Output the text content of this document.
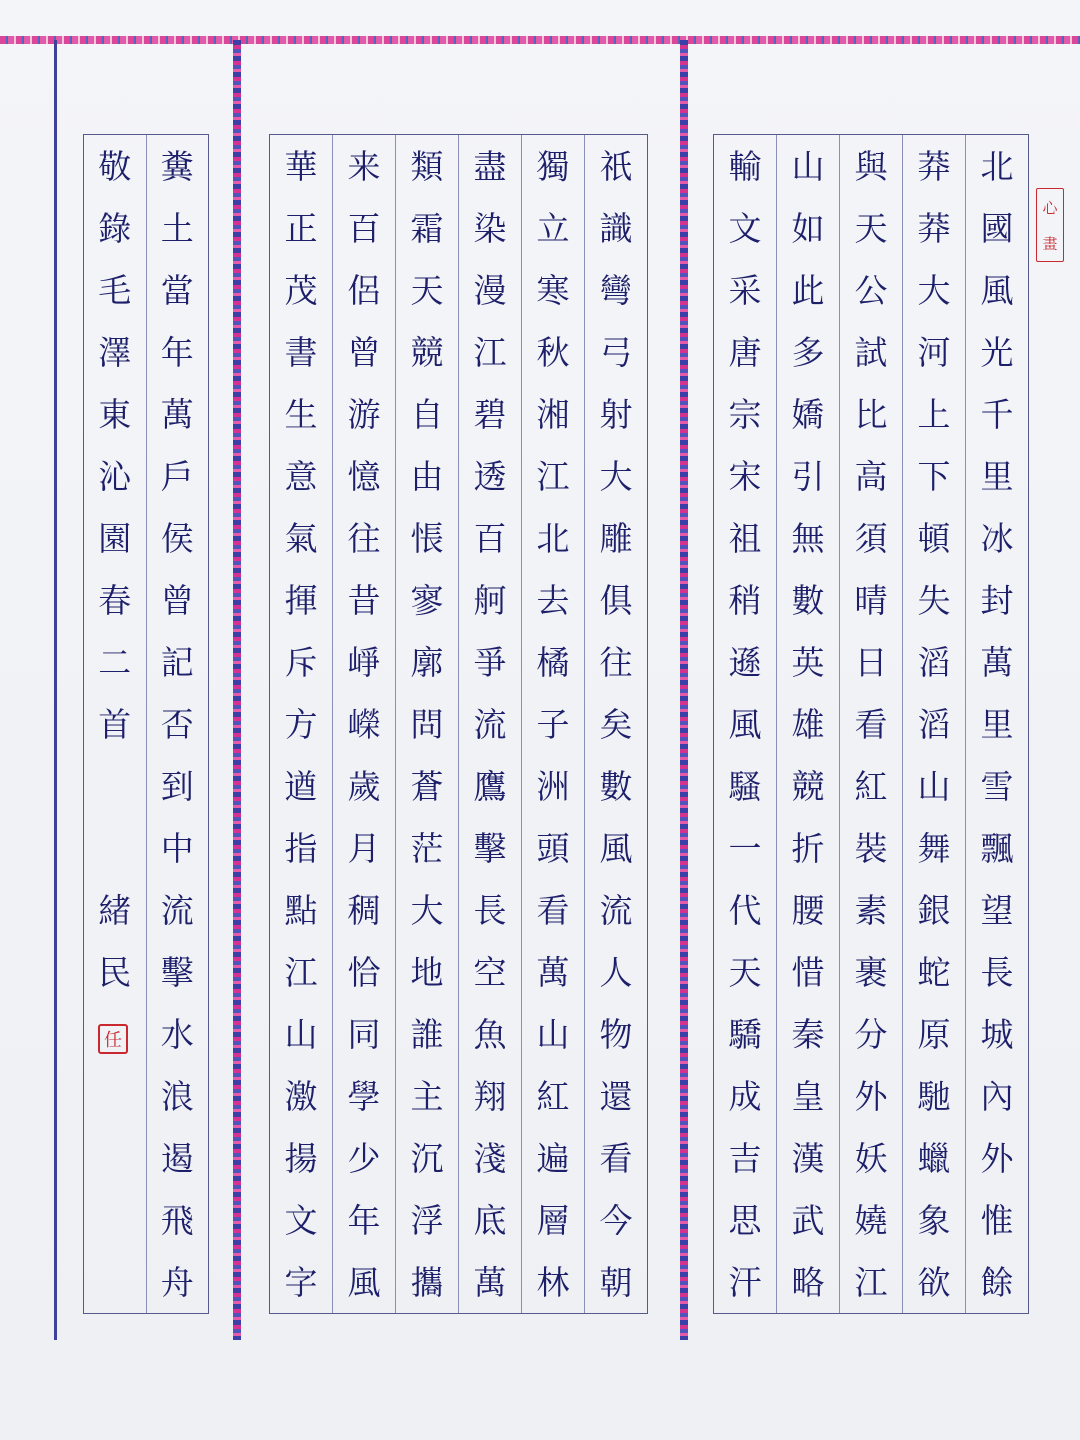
糞
土
當
年
萬
戶
侯
曾
記
否
到
中
流
擊
水
浪
遏
飛
舟
敬
錄
毛
澤
東
沁
園
春
二
首
緒
民
任
祇
識
彎
弓
射
大
雕
俱
往
矣
數
風
流
人
物
還
看
今
朝
獨
立
寒
秋
湘
江
北
去
橘
子
洲
頭
看
萬
山
紅
遍
層
林
盡
染
漫
江
碧
透
百
舸
爭
流
鷹
擊
長
空
魚
翔
淺
底
萬
類
霜
天
競
自
由
悵
寥
廓
問
蒼
茫
大
地
誰
主
沉
浮
攜
来
百
侶
曾
游
憶
往
昔
崢
嶸
歲
月
稠
恰
同
學
少
年
風
華
正
茂
書
生
意
氣
揮
斥
方
遒
指
點
江
山
激
揚
文
字
北
國
風
光
千
里
冰
封
萬
里
雪
飄
望
長
城
內
外
惟
餘
莽
莽
大
河
上
下
頓
失
滔
滔
山
舞
銀
蛇
原
馳
蠟
象
欲
與
天
公
試
比
高
須
晴
日
看
紅
裝
素
裹
分
外
妖
嬈
江
山
如
此
多
嬌
引
無
數
英
雄
競
折
腰
惜
秦
皇
漢
武
略
輸
文
采
唐
宗
宋
祖
稍
遜
風
騷
一
代
天
驕
成
吉
思
汗
心
畫
